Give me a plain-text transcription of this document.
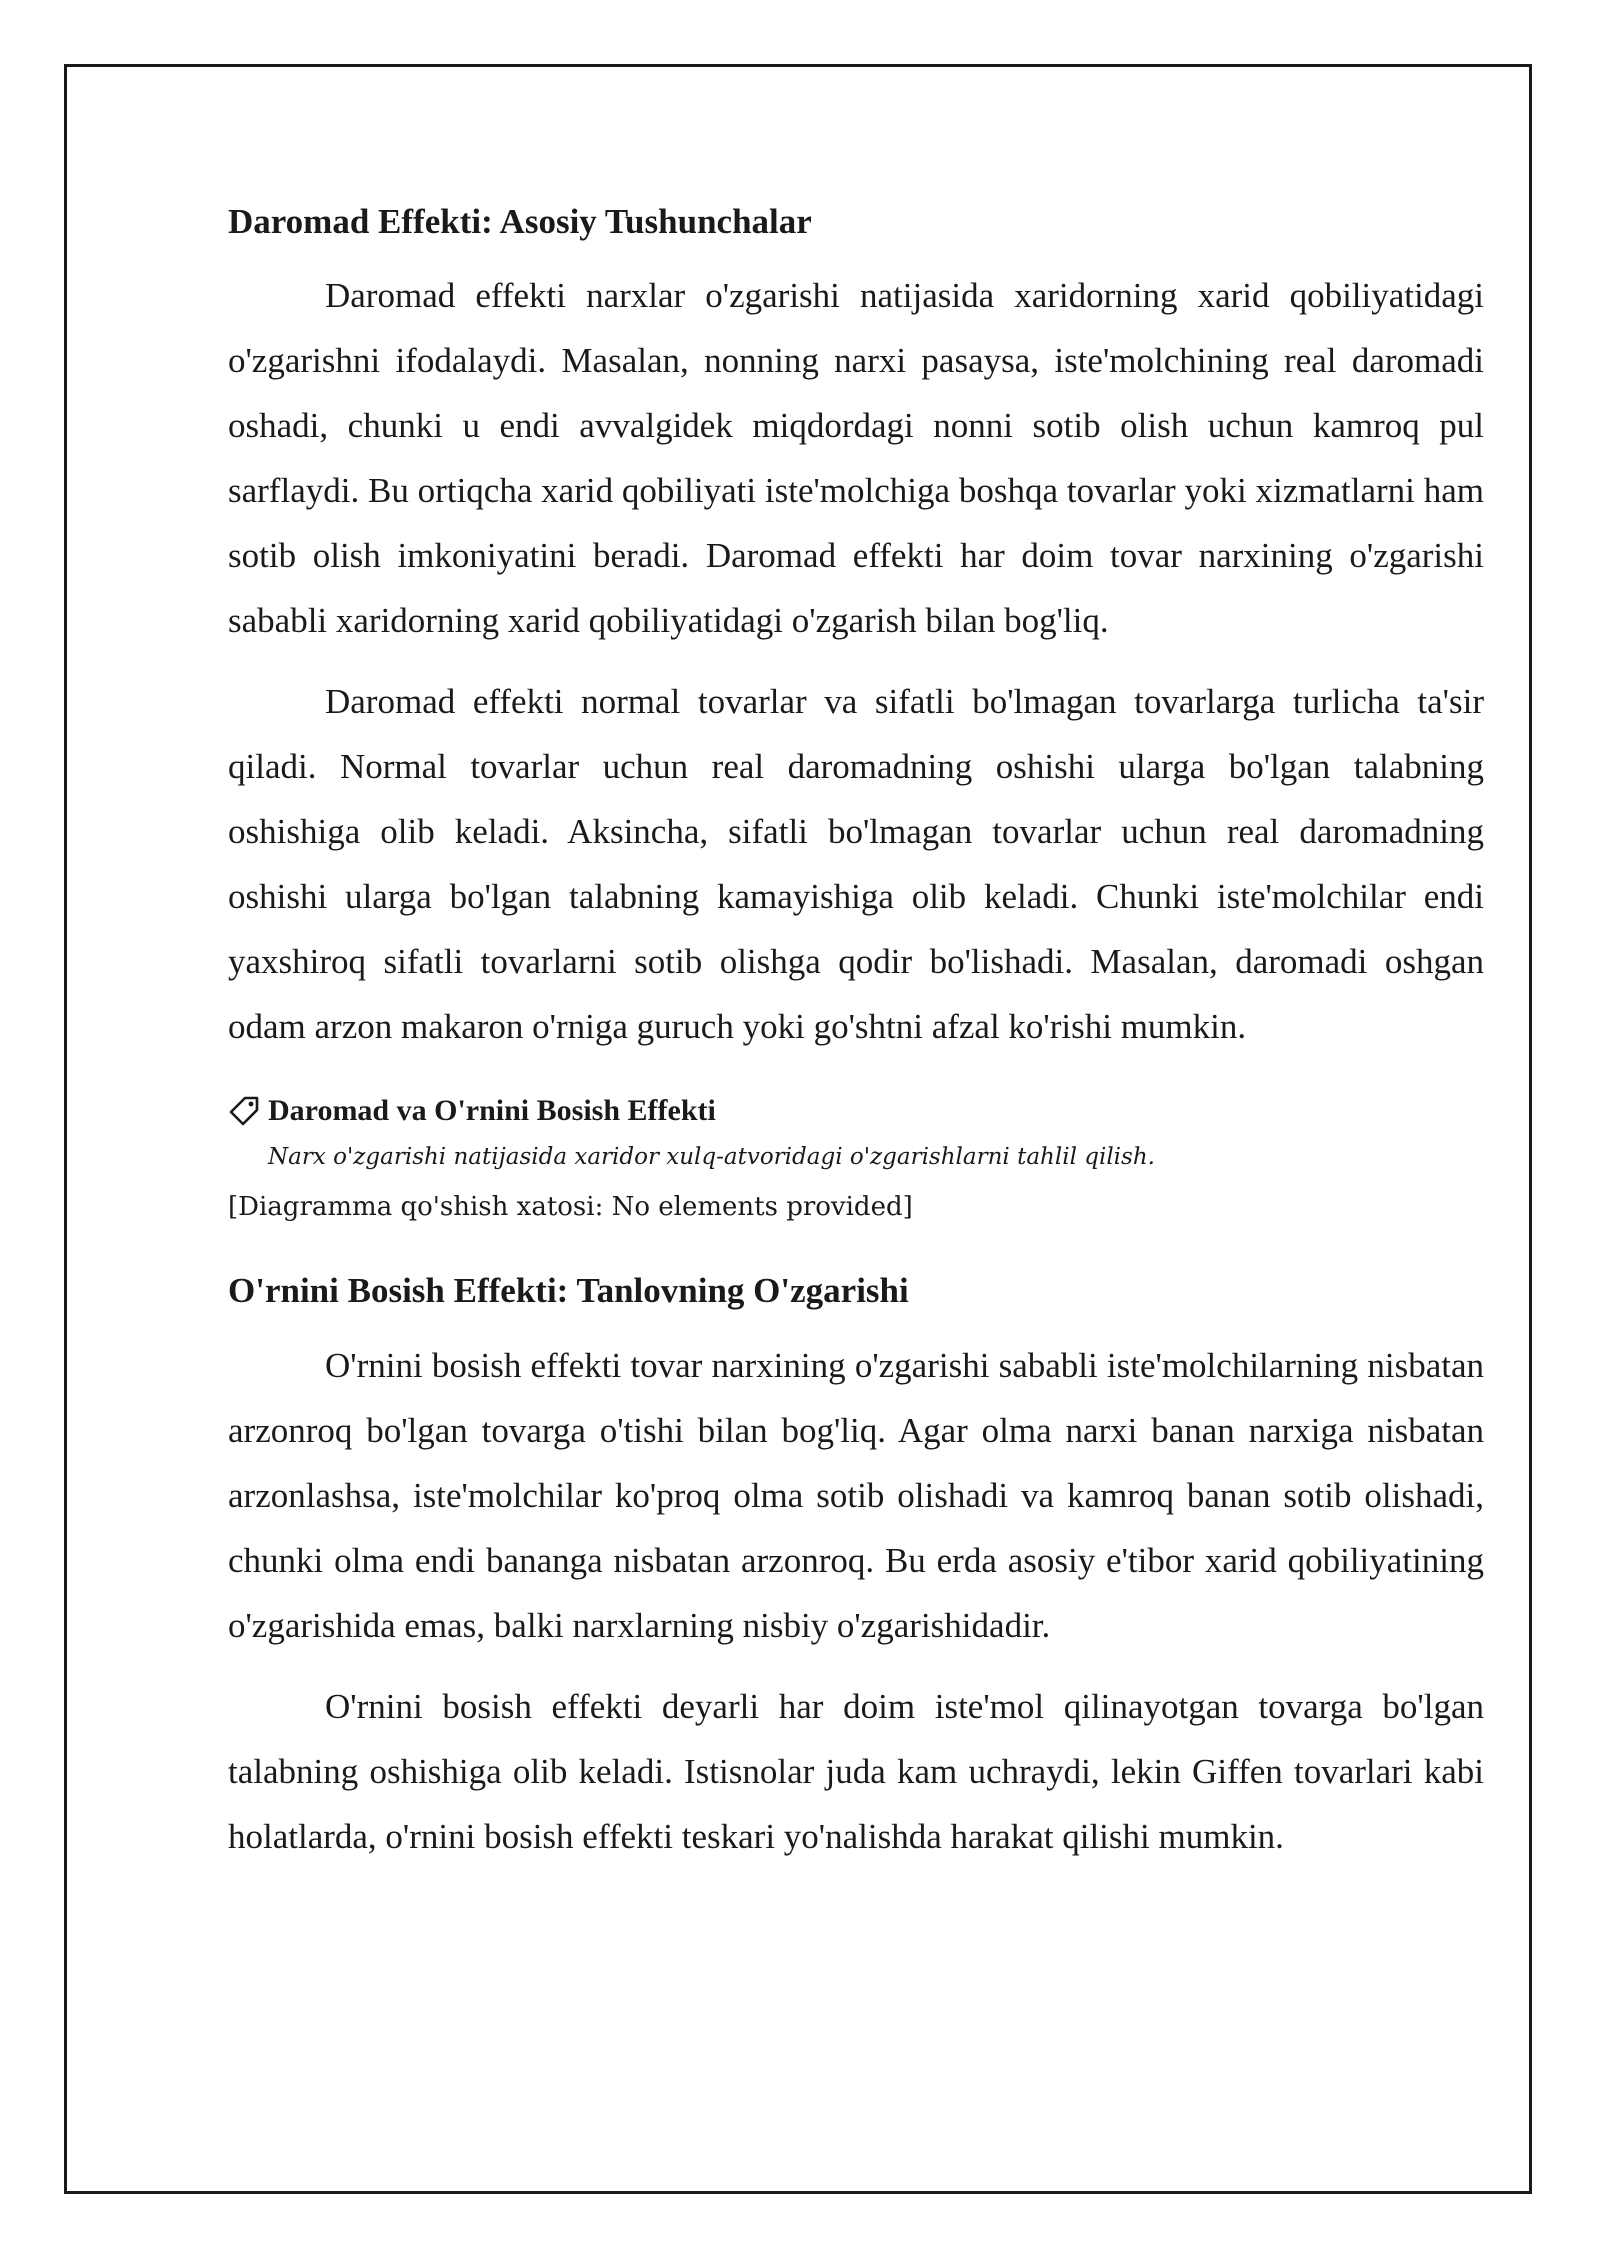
Daromad Effekti: Asosiy Tushunchalar

Daromad effekti narxlar o'zgarishi natijasida xaridorning xarid qobiliyatidagi o'zgarishni ifodalaydi. Masalan, nonning narxi pasaysa, iste'molchining real daromadi oshadi, chunki u endi avvalgidek miqdordagi nonni sotib olish uchun kamroq pul sarflaydi. Bu ortiqcha xarid qobiliyati iste'molchiga boshqa tovarlar yoki xizmatlarni ham sotib olish imkoniyatini beradi. Daromad effekti har doim tovar narxining o'zgarishi sababli xaridorning xarid qobiliyatidagi o'zgarish bilan bog'liq.

Daromad effekti normal tovarlar va sifatli bo'lmagan tovarlarga turlicha ta'sir qiladi. Normal tovarlar uchun real daromadning oshishi ularga bo'lgan talabning oshishiga olib keladi. Aksincha, sifatli bo'lmagan tovarlar uchun real daromadning oshishi ularga bo'lgan talabning kamayishiga olib keladi. Chunki iste'molchilar endi yaxshiroq sifatli tovarlarni sotib olishga qodir bo'lishadi. Masalan, daromadi oshgan odam arzon makaron o'rniga guruch yoki go'shtni afzal ko'rishi mumkin.

Daromad va O'rnini Bosish Effekti
Narx o'zgarishi natijasida xaridor xulq-atvoridagi o'zgarishlarni tahlil qilish.
[Diagramma qo'shish xatosi: No elements provided]
O'rnini Bosish Effekti: Tanlovning O'zgarishi

O'rnini bosish effekti tovar narxining o'zgarishi sababli iste'molchilarning nisbatan arzonroq bo'lgan tovarga o'tishi bilan bog'liq. Agar olma narxi banan narxiga nisbatan arzonlashsa, iste'molchilar ko'proq olma sotib olishadi va kamroq banan sotib olishadi, chunki olma endi bananga nisbatan arzonroq. Bu erda asosiy e'tibor xarid qobiliyatining o'zgarishida emas, balki narxlarning nisbiy o'zgarishidadir.

O'rnini bosish effekti deyarli har doim iste'mol qilinayotgan tovarga bo'lgan talabning oshishiga olib keladi. Istisnolar juda kam uchraydi, lekin Giffen tovarlari kabi holatlarda, o'rnini bosish effekti teskari yo'nalishda harakat qilishi mumkin.
